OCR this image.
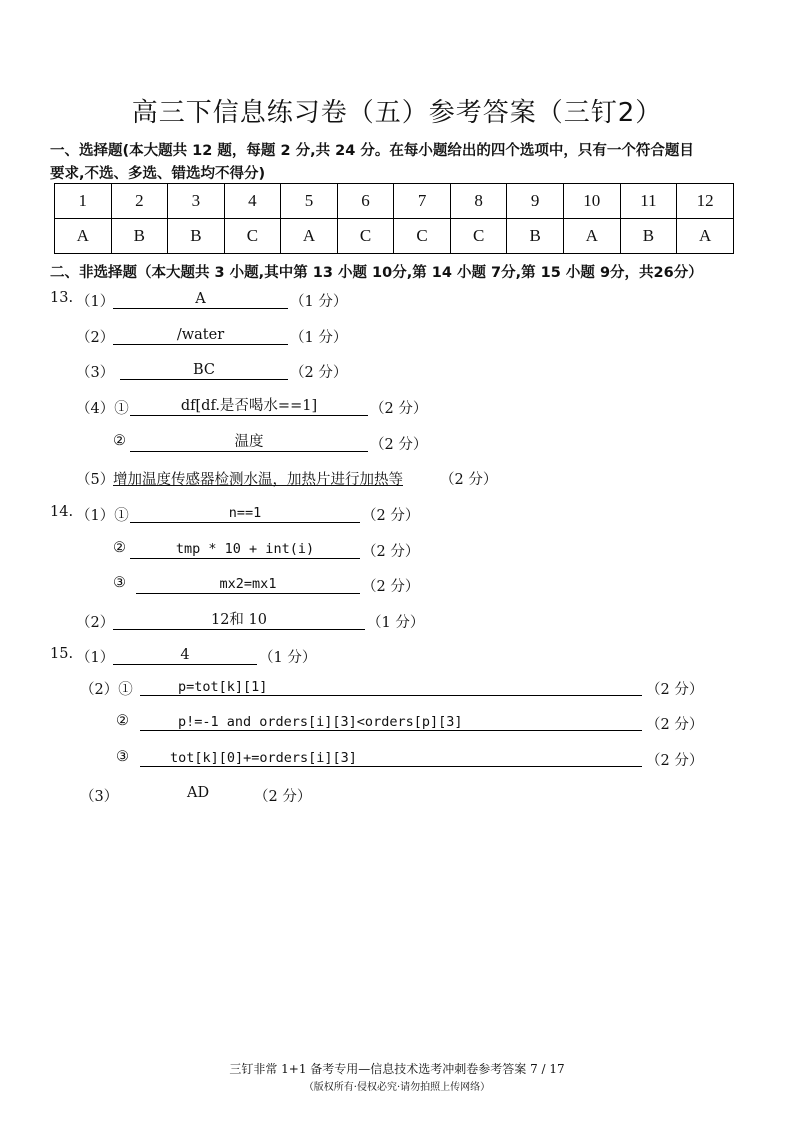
高三下信息练习卷（五）参考答案（三钉2）
一、选择题(本大题共 12 题，每题 2 分,共 24 分。在每小题给出的四个选项中，只有一个符合题目
要求,不选、多选、错选均不得分)
1	2	3	4	5	6	7	8	9	10	11	12
A	B	B	C	A	C	C	C	B	A	B	A
二、非选择题（本大题共 3 小题,其中第 13 小题 10分,第 14 小题 7分,第 15 小题 9分，共26分）
13. （1）	A	（1 分）
（2）	/water	（1 分）
（3）	BC	（2 分）
（4）①	df[df.是否喝水==1]	（2 分）
②	温度	（2 分）
（5）
增加温度传感器检测水温，加热片进行加热等	（2 分）
14. （1）①	n==1	（2 分）
②	tmp * 10 + int(i)	（2 分）
③	mx2=mx1	（2 分）
（2）	12和 10	（1 分）
15. （1）	4	（1 分）
（2）①	p=tot[k][1]	（2 分）
②	p!=-1 and orders[i][3]<orders[p][3]	（2 分）
③	tot[k][0]+=orders[i][3]	（2 分）
（3）	AD	（2 分）
三钉非常 1+1 备考专用—信息技术选考冲刺卷参考答案 7 / 17
（版权所有·侵权必究·请勿拍照上传网络）
